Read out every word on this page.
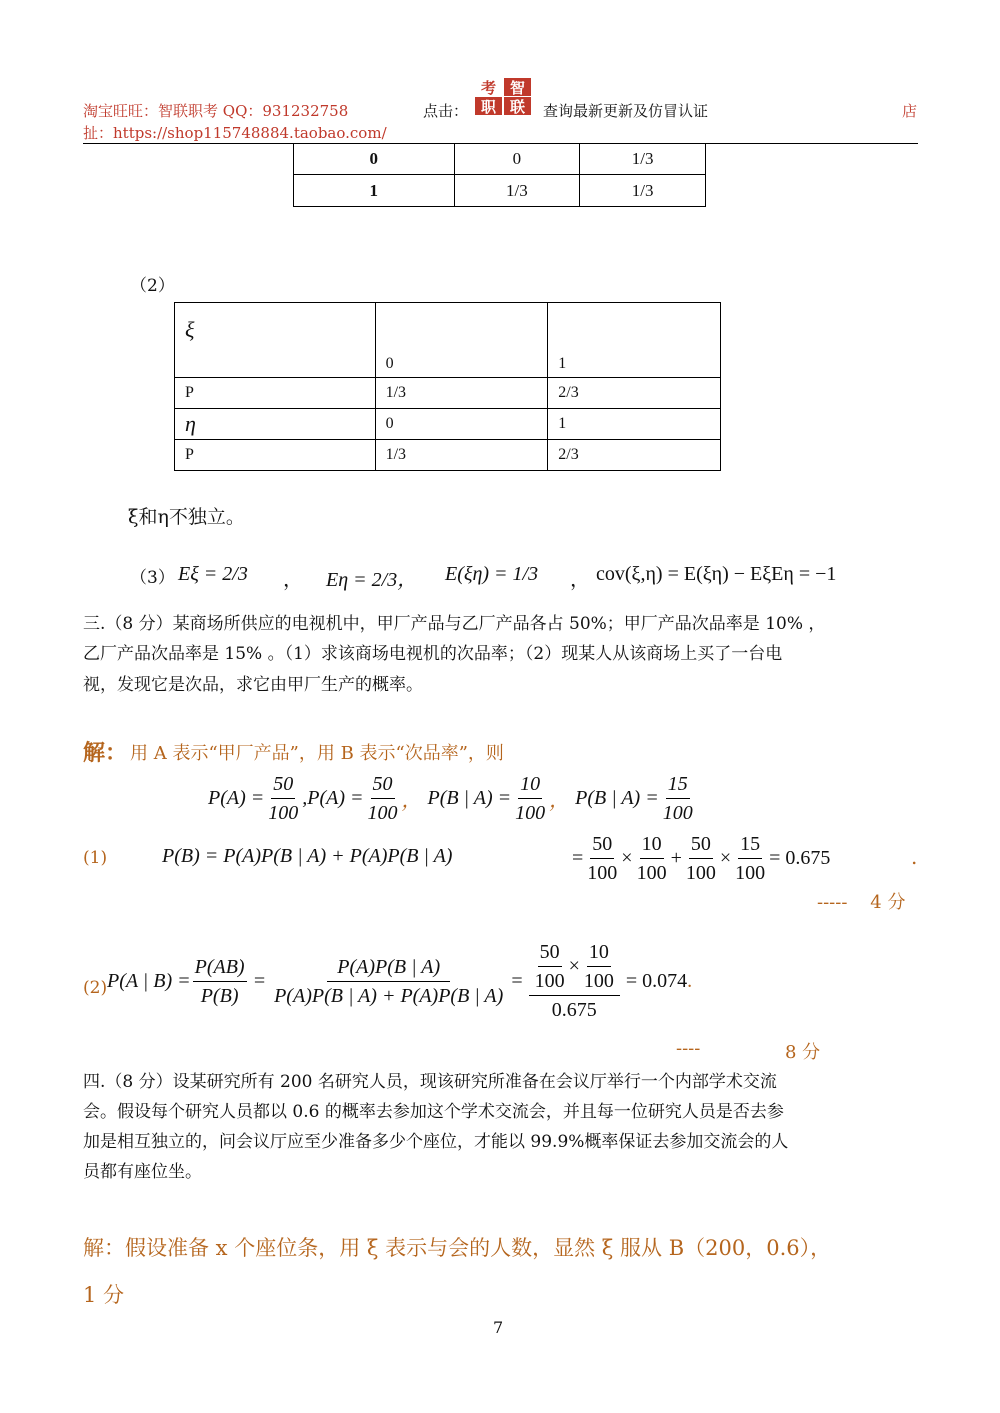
淘宝旺旺：智联职考 QQ：931232758
扯：https://shop115748884.taobao.com/
点击：
考 智
职 联	查询最新更新及仿冒认证	店
0	0	1/3
1	1/3	1/3
（2）
ξ	0	1
P	1/3	2/3
η	0	1
P	1/3	2/3
ξ和η不独立。
（3） Eξ = 2/3 ， Eη = 2/3， E(ξη) = 1/3 ， cov(ξ,η) = E(ξη) − EξEη = −1
三.（8 分）某商场所供应的电视机中，甲厂产品与乙厂产品各占 50%；甲厂产品次品率是 10% ，
乙厂产品次品率是 15% 。（1）求该商场电视机的次品率；（2）现某人从该商场上买了一台电
视，发现它是次品，求它由甲厂生产的概率。
解： 用 A 表示“甲厂产品”，用 B 表示“次品率”，则
$P(A) = \frac{50}{100} ,P(A) = \frac{50}{100}$ ， P(B | $A) = \frac{10}{100}$ ， P(B | $A) = \frac{15}{100}$
(1)	P(B) = P(A)P(B | A) + P(A)P(B | A)	= $\frac{50}{100} \times \frac{10}{100} + \frac{50}{100} \times \frac{15}{100} = 0.675$	.
-----    4 分
(2) P(A | $B) = \frac{P(AB)}{P(B)} = \frac{P(A)P(B | A)}{P(A)P(B | A) + P(A)P(B | A)} = \frac{\frac{50}{100} \times \frac{10}{100}}{0.675} = 0.074$ .
----	8 分
四.（8 分）设某研究所有 200 名研究人员，现该研究所准备在会议厅举行一个内部学术交流
会。假设每个研究人员都以 0.6 的概率去参加这个学术交流会，并且每一位研究人员是否去参
加是相互独立的，问会议厅应至少准备多少个座位，才能以 99.9%概率保证去参加交流会的人
员都有座位坐。
解：假设准备 x 个座位条，用 ξ 表示与会的人数，显然 ξ 服从 B（200，0.6），
1 分
7
